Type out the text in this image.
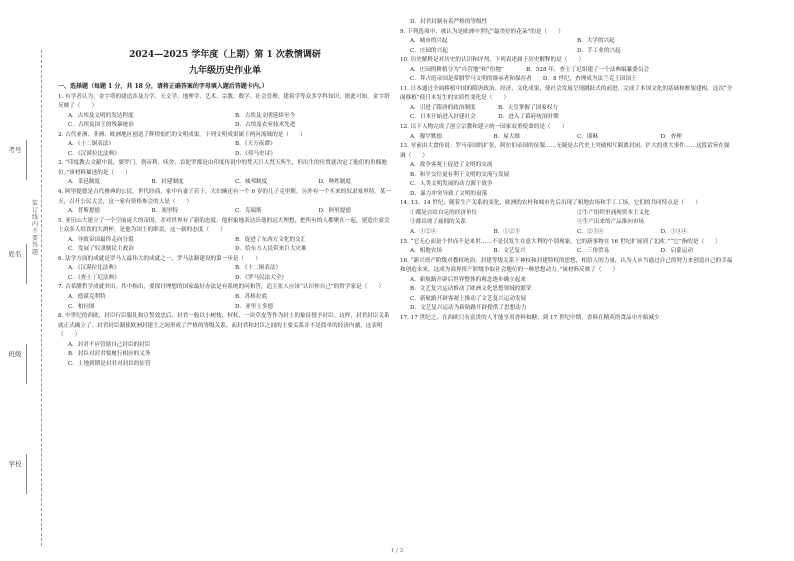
考号
姓名
班级
学校
装订线内不要答题
2024—2025 学年度（上期）第 1 次教情调研
九年级历史作业单
一、选择题（每题 1 分，共 18 分，请将正确答案的字母填入题后答题卡内。）
1. 有学者认为，金字塔的建造涉及力学、天文学、地理学、艺术、宗教、数学、社会管理、建筑学等众多学科知识。据此可知，金字塔反映了（　　）
A．古埃及文明的发达程度	B．古埃及文明延续至今
C．古埃及国王的残暴统治	D．古埃及农业技术先进
2. 古代亚洲、非洲、欧洲地区创造了辉煌灿烂的文明成果。下列文明成果属于两河流域的是（　　）
A．《十二铜表法》	B．《天方夜谭》
C．《汉谟拉比法典》	D．《荷马史诗》
3. “印度教古文献中说，婆罗门，刹帝利、吠舍、首陀罗都是由印度传说中的梵天巨人梵天所生，但出生的位置就决定了他们的贵贱地位。”该材料描述的是（　　）
A．采邑制度	B．封建制度	C．城邦制度	D．种姓制度
4. 阿里提德是古代雅典的公民，世代经商，家中有妻子若干，大妇辆还有一个 6 岁的儿子克里斯。另外有一个买来的奴隶塞里特。某一天，召开公民大会，这一家有资格参会的人是（　　）
A．普斯提德	B．塞里特	C．克瑞斯	D．阿里提德
5. 亚历山大建立了一个空前庞大的帝国，并对世界有了新的态度。他形象地表达出他的远大理想，把所有的人都聚在一起，建造庄宴会上众多人给饮的大酒杯，是他为国王的职责。这一新的态度（　　）
A．导致帝国最终走向分裂	B．促进了东西方文化的交汇
C．发展了奴隶制民主政治	D．给东方人民带来巨大灾难
6. 法学方面的成就是罗马人最伟大的成就之一，罗马法制建设的第一步是（　　）
A．《汉谟拉比法典》	B．《十二铜表法》
C．《查士丁尼法典》	D．《罗马民法大全》
7. 古希腊哲学成就突出。其中指出，要探讨理想的国家最好办法是有系统的问和答，追主张人应该“认识你自己”的哲学家是（　　）
A．德谟克利特	B．苏格拉底
C．柏拉图	D．亚里士多德
8. 中世纪的西欧，封臣行臣服礼和宣誓效忠后，封君一般以小树枝、权杖、一块草皮等作为封土的象征授予封臣。这样，封君封臣关系就正式确立了。封君封臣制使欧洲封建主之间形成了严格的等级关系，而封君和封臣之间的主要关系并不是简单的经济内涵，这表明（　　）
A．封君不应管辖自己封臣的封臣
B．封臣对封君要履行相应的义务
C．土地到期是封君对封臣的征管
D．封君封制有着严格的等级性
9. 下列选项中，被认为是欧洲中世纪“最美好的花朵”的是（　　）
A．城市的兴起	B．大学的兴起
C．庄园的兴起	D．手工业的兴起
10. 历史解释是对历史的认识和评判。下列表述属于历史解释的是（　　）
A．庄园的耕植分为“自营地”和“份地”　　　　B．528 年，查士丁尼组建了一个法典编纂委员会
C．拜占庭帝国是希腊罗马文明的继承者和保存者　　D．8 世纪，查理成为法兰克王国国王
11. 日本通过全面移植中国的隋唐政治、经济、文化成果，使社会发展呈现跳跃式的前进，完成了本国文化的基础和框架建构。这次“全面移植”使日本发生的实质性变化是（　　）
A．引进了隋唐的政治制度　　　　B．天皇掌握了国家权力
C．日本开始进入封建社会　　　　D．进入了幕府统治时期
12. 以下人物完成了创立宗教和建立统一国家双重使命的是（　　）
A．穆罕默德	B．屋大维	C．耶稣	D．查理
13. 章前由大食传说：罗马帝国的扩张，阿拉伯帝国的征服……无疑是古代史上突破相互隔离封闭、扩大的重大事件……这段话旨在强调（　　）
A．战争客观上促进了文明的交流
B．和平交往更有利于文明的交流与发展
C．人类文明发展的动力源于战争
D．暴力冲突导致了文明的衰落
14. 13、14 世纪，随着生产关系的变化，欧洲的农村和城市先后出现了租地农场和手工工场，它们的共同特点是（　　）
①都是自给自足的经济单位	②生产组织里涌现资本主义化
③都出现了雇佣的关系	④生产出来的产品推向市场
A．①②④	B．①②③	C．②③④	D．①③④
15. “它无心而是个世而不是来世……不是仅发生在意大利的个别现象，它的新事物在 16 世纪扩展到了北欧。”“它”指的是（　　）
A．相地农场	B．文艺复兴	C．三角贸易	D．启蒙运动
16. “新兴资产阶级对教权统治、封建等级关系下神权和封建特权的思想，相信人的力量，认为人应当通过自己的努力来创造自己的幸福和创造未来，这成为商界资产阶级争取社会地位的一种思想动力。”该材料反映了（　　）
A．新航路开辟后世界整体的观念逐步确立起来
B．文艺复兴运动推动了欧洲文化思想领域的繁荣
C．新航路开辟客观上推动了文艺复兴运动发展
D．文艺复兴运动为新航路开辟提供了思想动力
17. 17 世纪之，在西欧只有富贵的人才能享用香料和糖；到 17 世纪中期，香料在精英的食品中开始减少
1 / 3
